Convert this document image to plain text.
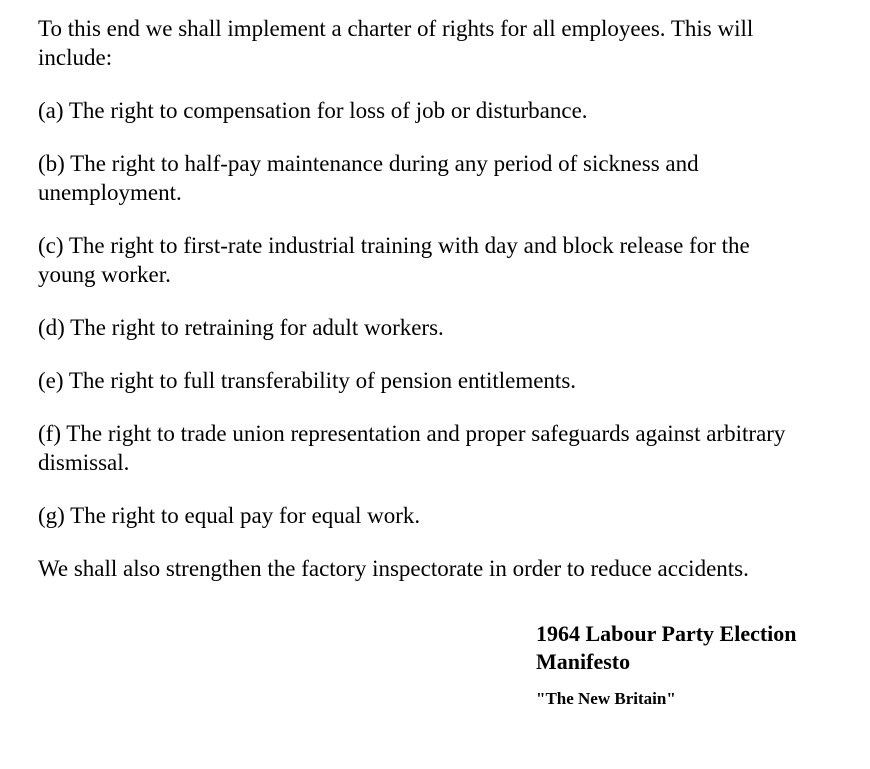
To this end we shall implement a charter of rights for all employees. This will include:

(a) The right to compensation for loss of job or disturbance.

(b) The right to half-pay maintenance during any period of sickness and unemployment.

(c) The right to first-rate industrial training with day and block release for the young worker.

(d) The right to retraining for adult workers.

(e) The right to full transferability of pension entitlements.

(f) The right to trade union representation and proper safeguards against arbitrary dismissal.

(g) The right to equal pay for equal work.

We shall also strengthen the factory inspectorate in order to reduce accidents.

1964 Labour Party Election Manifesto

"The New Britain"
